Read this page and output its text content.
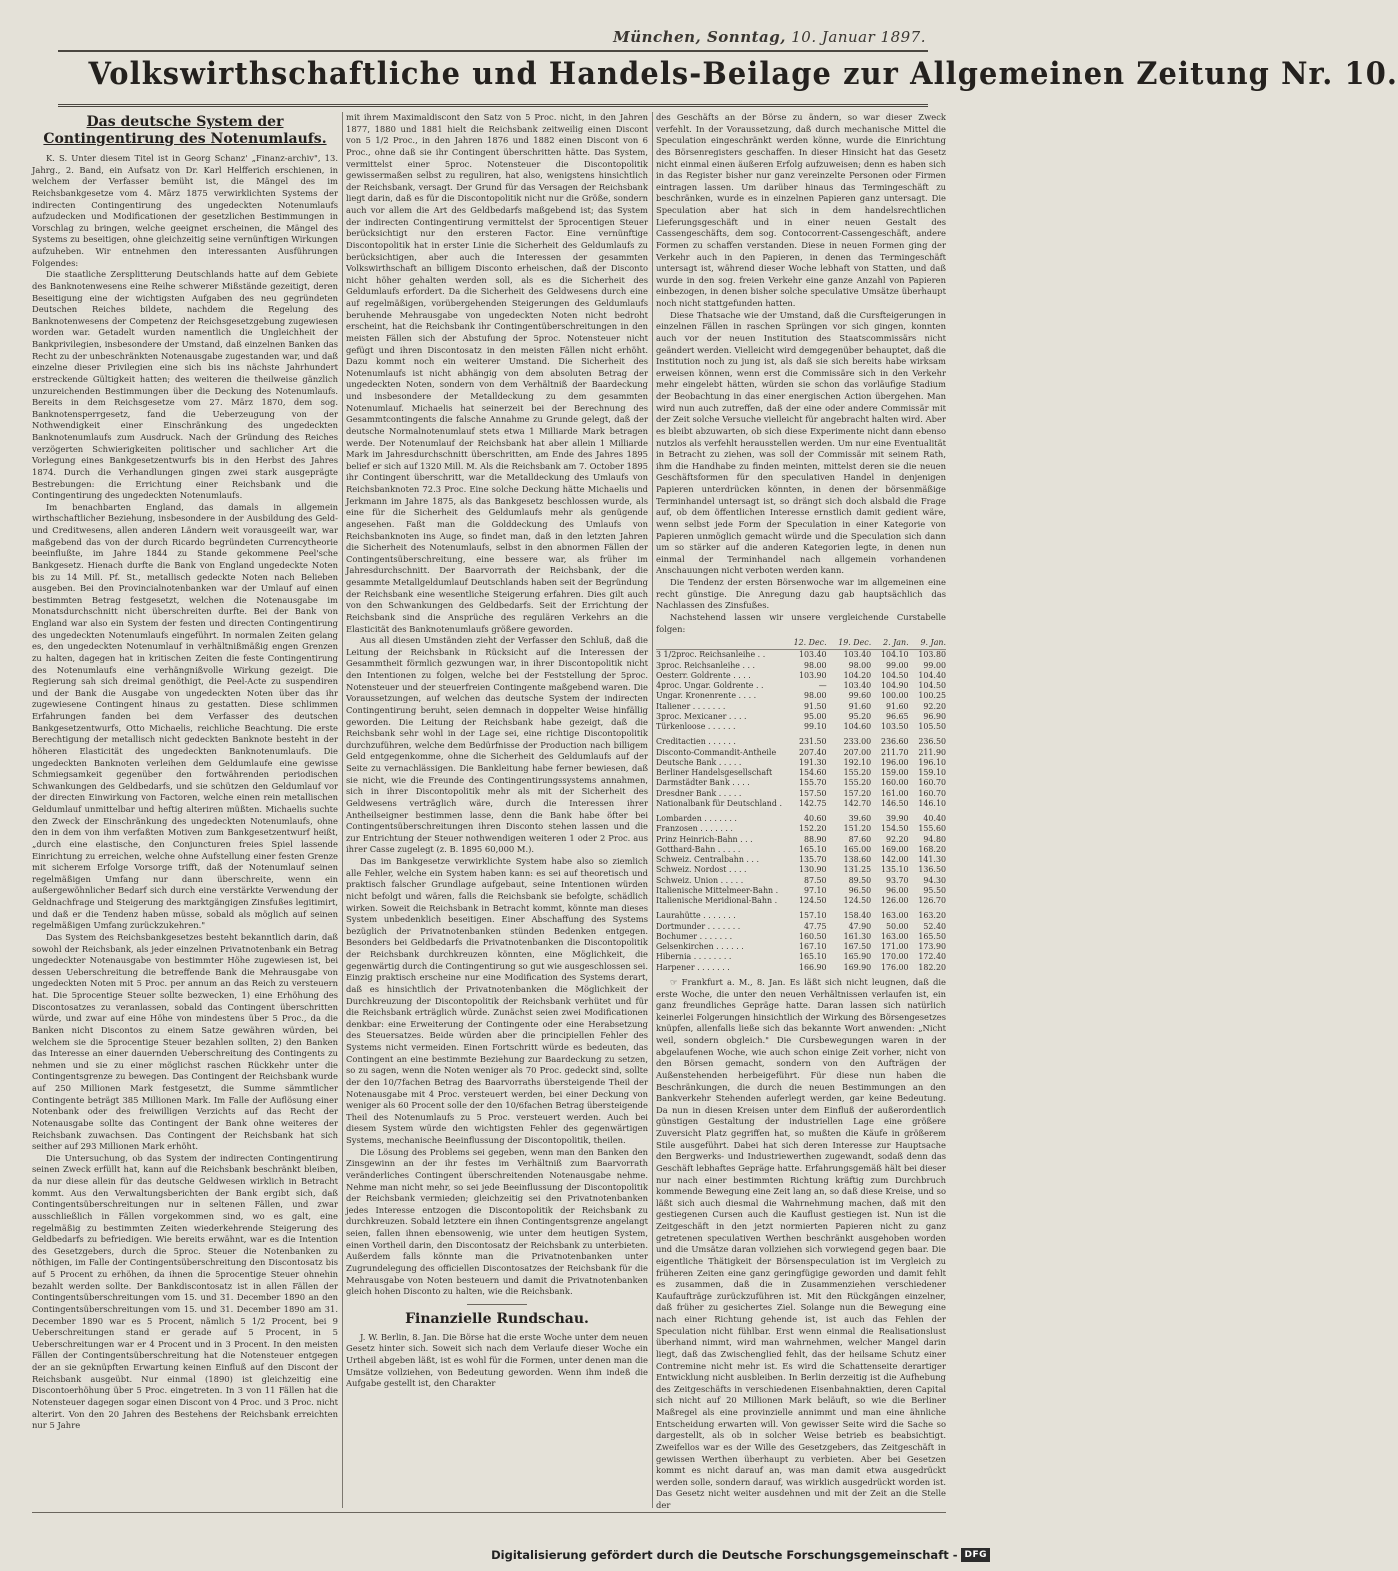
München, Sonntag, 10. Januar 1897.
Volkswirthschaftliche und Handels-Beilage zur Allgemeinen Zeitung Nr. 10.
Das deutsche System der Contingentirung des Notenumlaufs.

K. S. Unter diesem Titel ist in Georg Schanz' „Finanz-archiv", 13. Jahrg., 2. Band, ein Aufsatz von Dr. Karl Helfferich erschienen, in welchem der Verfasser bemüht ist, die Mängel des im Reichsbankgesetze vom 4. März 1875 verwirklichten Systems der indirecten Contingentirung des ungedeckten Notenumlaufs aufzudecken und Modificationen der gesetzlichen Bestimmungen in Vorschlag zu bringen, welche geeignet erscheinen, die Mängel des Systems zu beseitigen, ohne gleichzeitig seine vernünftigen Wirkungen aufzuheben. Wir entnehmen den interessanten Ausführungen Folgendes:

Die staatliche Zersplitterung Deutschlands hatte auf dem Gebiete des Banknotenwesens eine Reihe schwerer Mißstände gezeitigt, deren Beseitigung eine der wichtigsten Aufgaben des neu gegründeten Deutschen Reiches bildete, nachdem die Regelung des Banknotenwesens der Competenz der Reichsgesetzgebung zugewiesen worden war. Getadelt wurden namentlich die Ungleichheit der Bankprivilegien, insbesondere der Umstand, daß einzelnen Banken das Recht zu der unbeschränkten Notenausgabe zugestanden war, und daß einzelne dieser Privilegien eine sich bis ins nächste Jahrhundert erstreckende Gültigkeit hatten; des weiteren die theilweise gänzlich unzureichenden Bestimmungen über die Deckung des Notenumlaufs. Bereits in dem Reichsgesetze vom 27. März 1870, dem sog. Banknotensperrgesetz, fand die Ueberzeugung von der Nothwendigkeit einer Einschränkung des ungedeckten Banknotenumlaufs zum Ausdruck. Nach der Gründung des Reiches verzögerten Schwierigkeiten politischer und sachlicher Art die Vorlegung eines Bankgesetzentwurfs bis in den Herbst des Jahres 1874. Durch die Verhandlungen gingen zwei stark ausgeprägte Bestrebungen: die Errichtung einer Reichsbank und die Contingentirung des ungedeckten Notenumlaufs.

Im benachbarten England, das damals in allgemein wirthschaftlicher Beziehung, insbesondere in der Ausbildung des Geld- und Creditwesens, allen anderen Ländern weit vorausgeeilt war, war maßgebend das von der durch Ricardo begründeten Currencytheorie beeinflußte, im Jahre 1844 zu Stande gekommene Peel'sche Bankgesetz. Hienach durfte die Bank von England ungedeckte Noten bis zu 14 Mill. Pf. St., metallisch gedeckte Noten nach Belieben ausgeben. Bei den Provincialnotenbanken war der Umlauf auf einen bestimmten Betrag festgesetzt, welchen die Notenausgabe im Monatsdurchschnitt nicht überschreiten durfte. Bei der Bank von England war also ein System der festen und directen Contingentirung des ungedeckten Notenumlaufs eingeführt. In normalen Zeiten gelang es, den ungedeckten Notenumlauf in verhältnißmäßig engen Grenzen zu halten, dagegen hat in kritischen Zeiten die feste Contingentirung des Notenumlaufs eine verhängnißvolle Wirkung gezeigt. Die Regierung sah sich dreimal genöthigt, die Peel-Acte zu suspendiren und der Bank die Ausgabe von ungedeckten Noten über das ihr zugewiesene Contingent hinaus zu gestatten. Diese schlimmen Erfahrungen fanden bei dem Verfasser des deutschen Bankgesetzentwurfs, Otto Michaelis, reichliche Beachtung. Die erste Berechtigung der metallisch nicht gedeckten Banknote besteht in der höheren Elasticität des ungedeckten Banknotenumlaufs. Die ungedeckten Banknoten verleihen dem Geldumlaufe eine gewisse Schmiegsamkeit gegenüber den fortwährenden periodischen Schwankungen des Geldbedarfs, und sie schützen den Geldumlauf vor der directen Einwirkung von Factoren, welche einen rein metallischen Geldumlauf unmittelbar und heftig alteriren müßten. Michaelis suchte den Zweck der Einschränkung des ungedeckten Notenumlaufs, ohne den in dem von ihm verfaßten Motiven zum Bankgesetzentwurf heißt, „durch eine elastische, den Conjuncturen freies Spiel lassende Einrichtung zu erreichen, welche ohne Aufstellung einer festen Grenze mit sicherem Erfolge Vorsorge trifft, daß der Notenumlauf seinen regelmäßigen Umfang nur dann überschreite, wenn ein außergewöhnlicher Bedarf sich durch eine verstärkte Verwendung der Geldnachfrage und Steigerung des marktgängigen Zinsfußes legitimirt, und daß er die Tendenz haben müsse, sobald als möglich auf seinen regelmäßigen Umfang zurückzukehren."

Das System des Reichsbankgesetzes besteht bekanntlich darin, daß sowohl der Reichsbank, als jeder einzelnen Privatnotenbank ein Betrag ungedeckter Notenausgabe von bestimmter Höhe zugewiesen ist, bei dessen Ueberschreitung die betreffende Bank die Mehrausgabe von ungedeckten Noten mit 5 Proc. per annum an das Reich zu versteuern hat. Die 5procentige Steuer sollte bezwecken, 1) eine Erhöhung des Discontosatzes zu veranlassen, sobald das Contingent überschritten würde, und zwar auf eine Höhe von mindestens über 5 Proc., da die Banken nicht Discontos zu einem Satze gewähren würden, bei welchem sie die 5procentige Steuer bezahlen sollten, 2) den Banken das Interesse an einer dauernden Ueberschreitung des Contingents zu nehmen und sie zu einer möglichst raschen Rückkehr unter die Contingentsgrenze zu bewegen. Das Contingent der Reichsbank wurde auf 250 Millionen Mark festgesetzt, die Summe sämmtlicher Contingente beträgt 385 Millionen Mark. Im Falle der Auflösung einer Notenbank oder des freiwilligen Verzichts auf das Recht der Notenausgabe sollte das Contingent der Bank ohne weiteres der Reichsbank zuwachsen. Das Contingent der Reichsbank hat sich seither auf 293 Millionen Mark erhöht.

Die Untersuchung, ob das System der indirecten Contingentirung seinen Zweck erfüllt hat, kann auf die Reichsbank beschränkt bleiben, da nur diese allein für das deutsche Geldwesen wirklich in Betracht kommt. Aus den Verwaltungsberichten der Bank ergibt sich, daß Contingentsüberschreitungen nur in seltenen Fällen, und zwar ausschließlich in Fällen vorgekommen sind, wo es galt, eine regelmäßig zu bestimmten Zeiten wiederkehrende Steigerung des Geldbedarfs zu befriedigen. Wie bereits erwähnt, war es die Intention des Gesetzgebers, durch die 5proc. Steuer die Notenbanken zu nöthigen, im Falle der Contingentsüberschreitung den Discontosatz bis auf 5 Procent zu erhöhen, da ihnen die 5procentige Steuer ohnehin bezahlt werden sollte. Der Bankdiscontosatz ist in allen Fällen der Contingentsüberschreitungen vom 15. und 31. December 1890 an den Contingentsüberschreitungen vom 15. und 31. December 1890 am 31. December 1890 war es 5 Procent, nämlich 5 1/2 Procent, bei 9 Ueberschreitungen stand er gerade auf 5 Procent, in 5 Ueberschreitungen war er 4 Procent und in 3 Procent. In den meisten Fällen der Contingentsüberschreitung hat die Notensteuer entgegen der an sie geknüpften Erwartung keinen Einfluß auf den Discont der Reichsbank ausgeübt. Nur einmal (1890) ist gleichzeitig eine Discontoerhöhung über 5 Proc. eingetreten. In 3 von 11 Fällen hat die Notensteuer dagegen sogar einen Discont von 4 Proc. und 3 Proc. nicht alterirt. Von den 20 Jahren des Bestehens der Reichsbank erreichten nur 5 Jahre

mit ihrem Maximaldiscont den Satz von 5 Proc. nicht, in den Jahren 1877, 1880 und 1881 hielt die Reichsbank zeitweilig einen Discont von 5 1/2 Proc., in den Jahren 1876 und 1882 einen Discont von 6 Proc., ohne daß sie ihr Contingent überschritten hätte. Das System, vermittelst einer 5proc. Notensteuer die Discontopolitik gewissermaßen selbst zu reguliren, hat also, wenigstens hinsichtlich der Reichsbank, versagt. Der Grund für das Versagen der Reichsbank liegt darin, daß es für die Discontopolitik nicht nur die Größe, sondern auch vor allem die Art des Geldbedarfs maßgebend ist; das System der indirecten Contingentirung vermittelst der 5procentigen Steuer berücksichtigt nur den ersteren Factor. Eine vernünftige Discontopolitik hat in erster Linie die Sicherheit des Geldumlaufs zu berücksichtigen, aber auch die Interessen der gesammten Volkswirthschaft an billigem Disconto erheischen, daß der Disconto nicht höher gehalten werden soll, als es die Sicherheit des Geldumlaufs erfordert. Da die Sicherheit des Geldwesens durch eine auf regelmäßigen, vorübergehenden Steigerungen des Geldumlaufs beruhende Mehrausgabe von ungedeckten Noten nicht bedroht erscheint, hat die Reichsbank ihr Contingentüberschreitungen in den meisten Fällen sich der Abstufung der 5proc. Notensteuer nicht gefügt und ihren Discontosatz in den meisten Fällen nicht erhöht. Dazu kommt noch ein weiterer Umstand. Die Sicherheit des Notenumlaufs ist nicht abhängig von dem absoluten Betrag der ungedeckten Noten, sondern von dem Verhältniß der Baardeckung und insbesondere der Metalldeckung zu dem gesammten Notenumlauf. Michaelis hat seinerzeit bei der Berechnung des Gesammtcontingents die falsche Annahme zu Grunde gelegt, daß der deutsche Normalnotenumlauf stets etwa 1 Milliarde Mark betragen werde. Der Notenumlauf der Reichsbank hat aber allein 1 Milliarde Mark im Jahresdurchschnitt überschritten, am Ende des Jahres 1895 belief er sich auf 1320 Mill. M. Als die Reichsbank am 7. October 1895 ihr Contingent überschritt, war die Metalldeckung des Umlaufs von Reichsbanknoten 72.3 Proc. Eine solche Deckung hätte Michaelis und Jerkmann im Jahre 1875, als das Bankgesetz beschlossen wurde, als eine für die Sicherheit des Geldumlaufs mehr als genügende angesehen. Faßt man die Golddeckung des Umlaufs von Reichsbanknoten ins Auge, so findet man, daß in den letzten Jahren die Sicherheit des Notenumlaufs, selbst in den abnormen Fällen der Contingentsüberschreitung, eine bessere war, als früher im Jahresdurchschnitt. Der Baarvorrath der Reichsbank, der die gesammte Metallgeldumlauf Deutschlands haben seit der Begründung der Reichsbank eine wesentliche Steigerung erfahren. Dies gilt auch von den Schwankungen des Geldbedarfs. Seit der Errichtung der Reichsbank sind die Ansprüche des regulären Verkehrs an die Elasticität des Banknotenumlaufs größere geworden.

Aus all diesen Umständen zieht der Verfasser den Schluß, daß die Leitung der Reichsbank in Rücksicht auf die Interessen der Gesammtheit förmlich gezwungen war, in ihrer Discontopolitik nicht den Intentionen zu folgen, welche bei der Feststellung der 5proc. Notensteuer und der steuerfreien Contingente maßgebend waren. Die Voraussetzungen, auf welchen das deutsche System der indirecten Contingentirung beruht, seien demnach in doppelter Weise hinfällig geworden. Die Leitung der Reichsbank habe gezeigt, daß die Reichsbank sehr wohl in der Lage sei, eine richtige Discontopolitik durchzuführen, welche dem Bedürfnisse der Production nach billigem Geld entgegenkomme, ohne die Sicherheit des Geldumlaufs auf der Seite zu vernachlässigen. Die Bankleitung habe ferner bewiesen, daß sie nicht, wie die Freunde des Contingentirungssystems annahmen, sich in ihrer Discontopolitik mehr als mit der Sicherheit des Geldwesens verträglich wäre, durch die Interessen ihrer Antheilseigner bestimmen lasse, denn die Bank habe öfter bei Contingentsüberschreitungen ihren Disconto stehen lassen und die zur Entrichtung der Steuer nothwendigen weiteren 1 oder 2 Proc. aus ihrer Casse zugelegt (z. B. 1895 60,000 M.).

Das im Bankgesetze verwirklichte System habe also so ziemlich alle Fehler, welche ein System haben kann: es sei auf theoretisch und praktisch falscher Grundlage aufgebaut, seine Intentionen würden nicht befolgt und wären, falls die Reichsbank sie befolgte, schädlich wirken. Soweit die Reichsbank in Betracht kommt, könnte man dieses System unbedenklich beseitigen. Einer Abschaffung des Systems bezüglich der Privatnotenbanken stünden Bedenken entgegen. Besonders bei Geldbedarfs die Privatnotenbanken die Discontopolitik der Reichsbank durchkreuzen könnten, eine Möglichkeit, die gegenwärtig durch die Contingentirung so gut wie ausgeschlossen sei. Einzig praktisch erscheine nur eine Modification des Systems derart, daß es hinsichtlich der Privatnotenbanken die Möglichkeit der Durchkreuzung der Discontopolitik der Reichsbank verhütet und für die Reichsbank erträglich würde. Zunächst seien zwei Modificationen denkbar: eine Erweiterung der Contingente oder eine Herabsetzung des Steuersatzes. Beide würden aber die principiellen Fehler des Systems nicht vermeiden. Einen Fortschritt würde es bedeuten, das Contingent an eine bestimmte Beziehung zur Baardeckung zu setzen, so zu sagen, wenn die Noten weniger als 70 Proc. gedeckt sind, sollte der den 10/7fachen Betrag des Baarvorraths übersteigende Theil der Notenausgabe mit 4 Proc. versteuert werden, bei einer Deckung von weniger als 60 Procent solle der den 10/6fachen Betrag übersteigende Theil des Notenumlaufs zu 5 Proc. versteuert werden. Auch bei diesem System würde den wichtigsten Fehler des gegenwärtigen Systems, mechanische Beeinflussung der Discontopolitik, theilen.

Die Lösung des Problems sei gegeben, wenn man den Banken den Zinsgewinn an der ihr festes im Verhältniß zum Baarvorrath veränderliches Contingent überschreitenden Notenausgabe nehme. Nehme man nicht mehr, so sei jede Beeinflussung der Discontopolitik der Reichsbank vermieden; gleichzeitig sei den Privatnotenbanken jedes Interesse entzogen die Discontopolitik der Reichsbank zu durchkreuzen. Sobald letztere ein ihnen Contingentsgrenze angelangt seien, fallen ihnen ebensowenig, wie unter dem heutigen System, einen Vortheil darin, den Discontosatz der Reichsbank zu unterbieten. Außerdem falls könnte man die Privatnotenbanken unter Zugrundelegung des officiellen Discontosatzes der Reichsbank für die Mehrausgabe von Noten besteuern und damit die Privatnotenbanken gleich hohen Disconto zu halten, wie die Reichsbank.

Finanzielle Rundschau.

J. W. Berlin, 8. Jan. Die Börse hat die erste Woche unter dem neuen Gesetz hinter sich. Soweit sich nach dem Verlaufe dieser Woche ein Urtheil abgeben läßt, ist es wohl für die Formen, unter denen man die Umsätze vollziehen, von Bedeutung geworden. Wenn ihm indeß die Aufgabe gestellt ist, den Charakter

des Geschäfts an der Börse zu ändern, so war dieser Zweck verfehlt. In der Voraussetzung, daß durch mechanische Mittel die Speculation eingeschränkt werden könne, wurde die Einrichtung des Börsenregisters geschaffen. In dieser Hinsicht hat das Gesetz nicht einmal einen äußeren Erfolg aufzuweisen; denn es haben sich in das Register bisher nur ganz vereinzelte Personen oder Firmen eintragen lassen. Um darüber hinaus das Termingeschäft zu beschränken, wurde es in einzelnen Papieren ganz untersagt. Die Speculation aber hat sich in dem handelsrechtlichen Lieferungsgeschäft und in einer neuen Gestalt des Cassengeschäfts, dem sog. Contocorrent-Cassengeschäft, andere Formen zu schaffen verstanden. Diese in neuen Formen ging der Verkehr auch in den Papieren, in denen das Termingeschäft untersagt ist, während dieser Woche lebhaft von Statten, und daß wurde in den sog. freien Verkehr eine ganze Anzahl von Papieren einbezogen, in denen bisher solche speculative Umsätze überhaupt noch nicht stattgefunden hatten.

Diese Thatsache wie der Umstand, daß die Cursfteigerungen in einzelnen Fällen in raschen Sprüngen vor sich gingen, konnten auch vor der neuen Institution des Staatscommissärs nicht geändert werden. Vielleicht wird demgegenüber behauptet, daß die Institution noch zu jung ist, als daß sie sich bereits habe wirksam erweisen können, wenn erst die Commissäre sich in den Verkehr mehr eingelebt hätten, würden sie schon das vorläufige Stadium der Beobachtung in das einer energischen Action übergehen. Man wird nun auch zutreffen, daß der eine oder andere Commissär mit der Zeit solche Versuche vielleicht für angebracht halten wird. Aber es bleibt abzuwarten, ob sich diese Experimente nicht dann ebenso nutzlos als verfehlt herausstellen werden. Um nur eine Eventualität in Betracht zu ziehen, was soll der Commissär mit seinem Rath, ihm die Handhabe zu finden meinten, mittelst deren sie die neuen Geschäftsformen für den speculativen Handel in denjenigen Papieren unterdrücken könnten, in denen der börsenmäßige Terminhandel untersagt ist, so drängt sich doch alsbald die Frage auf, ob dem öffentlichen Interesse ernstlich damit gedient wäre, wenn selbst jede Form der Speculation in einer Kategorie von Papieren unmöglich gemacht würde und die Speculation sich dann um so stärker auf die anderen Kategorien legte, in denen nun einmal der Terminhandel nach allgemein vorhandenen Anschauungen nicht verboten werden kann.

Die Tendenz der ersten Börsenwoche war im allgemeinen eine recht günstige. Die Anregung dazu gab hauptsächlich das Nachlassen des Zinsfußes.

Nachstehend lassen wir unsere vergleichende Curstabelle folgen:

	12. Dec.	19. Dec.	2. Jan.	9. Jan.
3 1/2proc. Reichsanleihe . .	103.40	103.40	104.10	103.80
3proc. Reichsanleihe . . .	98.00	98.00	99.00	99.00
Oesterr. Goldrente . . . .	103.90	104.20	104.50	104.40
4proc. Ungar. Goldrente . .	—	103.40	104.90	104.50
Ungar. Kronenrente . . . .	98.00	99.60	100.00	100.25
Italiener . . . . . . .	91.50	91.60	91.60	92.20
3proc. Mexicaner . . . .	95.00	95.20	96.65	96.90
Türkenloose . . . . . .	99.10	104.60	103.50	105.50
Creditactien . . . . . .	231.50	233.00	236.60	236.50
Disconto-Commandit-Antheile	207.40	207.00	211.70	211.90
Deutsche Bank . . . . .	191.30	192.10	196.00	196.10
Berliner Handelsgesellschaft	154.60	155.20	159.00	159.10
Darmstädter Bank . . . .	155.70	155.20	160.00	160.70
Dresdner Bank . . . . .	157.50	157.20	161.00	160.70
Nationalbank für Deutschland .	142.75	142.70	146.50	146.10
Lombarden . . . . . . .	40.60	39.60	39.90	40.40
Franzosen . . . . . . .	152.20	151.20	154.50	155.60
Prinz Heinrich-Bahn . . .	88.90	87.60	92.20	94.80
Gotthard-Bahn . . . . .	165.10	165.00	169.00	168.20
Schweiz. Centralbahn . . .	135.70	138.60	142.00	141.30
Schweiz. Nordost . . . .	130.90	131.25	135.10	136.50
Schweiz. Union . . . . .	87.50	89.50	93.70	94.30
Italienische Mittelmeer-Bahn .	97.10	96.50	96.00	95.50
Italienische Meridional-Bahn .	124.50	124.50	126.00	126.70
Laurahütte . . . . . . .	157.10	158.40	163.00	163.20
Dortmunder . . . . . . .	47.75	47.90	50.00	52.40
Bochumer . . . . . . .	160.50	161.30	163.00	165.50
Gelsenkirchen . . . . . .	167.10	167.50	171.00	173.90
Hibernia . . . . . . . .	165.10	165.90	170.00	172.40
Harpener . . . . . . .	166.90	169.90	176.00	182.20

☞ Frankfurt a. M., 8. Jan. Es läßt sich nicht leugnen, daß die erste Woche, die unter den neuen Verhältnissen verlaufen ist, ein ganz freundliches Gepräge hatte. Daran lassen sich natürlich keinerlei Folgerungen hinsichtlich der Wirkung des Börsengesetzes knüpfen, allenfalls ließe sich das bekannte Wort anwenden: „Nicht weil, sondern obgleich." Die Cursbewegungen waren in der abgelaufenen Woche, wie auch schon einige Zeit vorher, nicht von den Börsen gemacht, sondern von den Aufträgen der Außenstehenden herbeigeführt. Für diese nun haben die Beschränkungen, die durch die neuen Bestimmungen an den Bankverkehr Stehenden auferlegt werden, gar keine Bedeutung. Da nun in diesen Kreisen unter dem Einfluß der außerordentlich günstigen Gestaltung der industriellen Lage eine größere Zuversicht Platz gegriffen hat, so mußten die Käufe in größerem Stile ausgeführt. Dabei hat sich deren Interesse zur Hauptsache den Bergwerks- und Industriewerthen zugewandt, sodaß denn das Geschäft lebhaftes Gepräge hatte. Erfahrungsgemäß hält bei dieser nur nach einer bestimmten Richtung kräftig zum Durchbruch kommende Bewegung eine Zeit lang an, so daß diese Kreise, und so läßt sich auch diesmal die Wahrnehmung machen, daß mit den gestiegenen Cursen auch die Kauflust gestiegen ist. Nun ist die Zeitgeschäft in den jetzt normierten Papieren nicht zu ganz getretenen speculativen Werthen beschränkt ausgehoben worden und die Umsätze daran vollziehen sich vorwiegend gegen baar. Die eigentliche Thätigkeit der Börsenspeculation ist im Vergleich zu früheren Zeiten eine ganz geringfügige geworden und damit fehlt es zusammen, daß die in Zusammenziehen verschiedener Kaufaufträge zurückzuführen ist. Mit den Rückgängen einzelner, daß früher zu gesichertes Ziel. Solange nun die Bewegung eine nach einer Richtung gehende ist, ist auch das Fehlen der Speculation nicht fühlbar. Erst wenn einmal die Realisationslust überhand nimmt, wird man wahrnehmen, welcher Mangel darin liegt, daß das Zwischenglied fehlt, das der heilsame Schutz einer Contremine nicht mehr ist. Es wird die Schattenseite derartiger Entwicklung nicht ausbleiben. In Berlin derzeitig ist die Aufhebung des Zeitgeschäfts in verschiedenen Eisenbahnaktien, deren Capital sich nicht auf 20 Millionen Mark beläuft, so wie die Berliner Maßregel als eine provinzielle annimmt und man eine ähnliche Entscheidung erwarten will. Von gewisser Seite wird die Sache so dargestellt, als ob in solcher Weise betrieb es beabsichtigt. Zweifellos war es der Wille des Gesetzgebers, das Zeitgeschäft in gewissen Werthen überhaupt zu verbieten. Aber bei Gesetzen kommt es nicht darauf an, was man damit etwa ausgedrückt werden solle, sondern darauf, was wirklich ausgedrückt worden ist. Das Gesetz nicht weiter ausdehnen und mit der Zeit an die Stelle der

Digitalisierung gefördert durch die Deutsche Forschungsgemeinschaft - DFG
